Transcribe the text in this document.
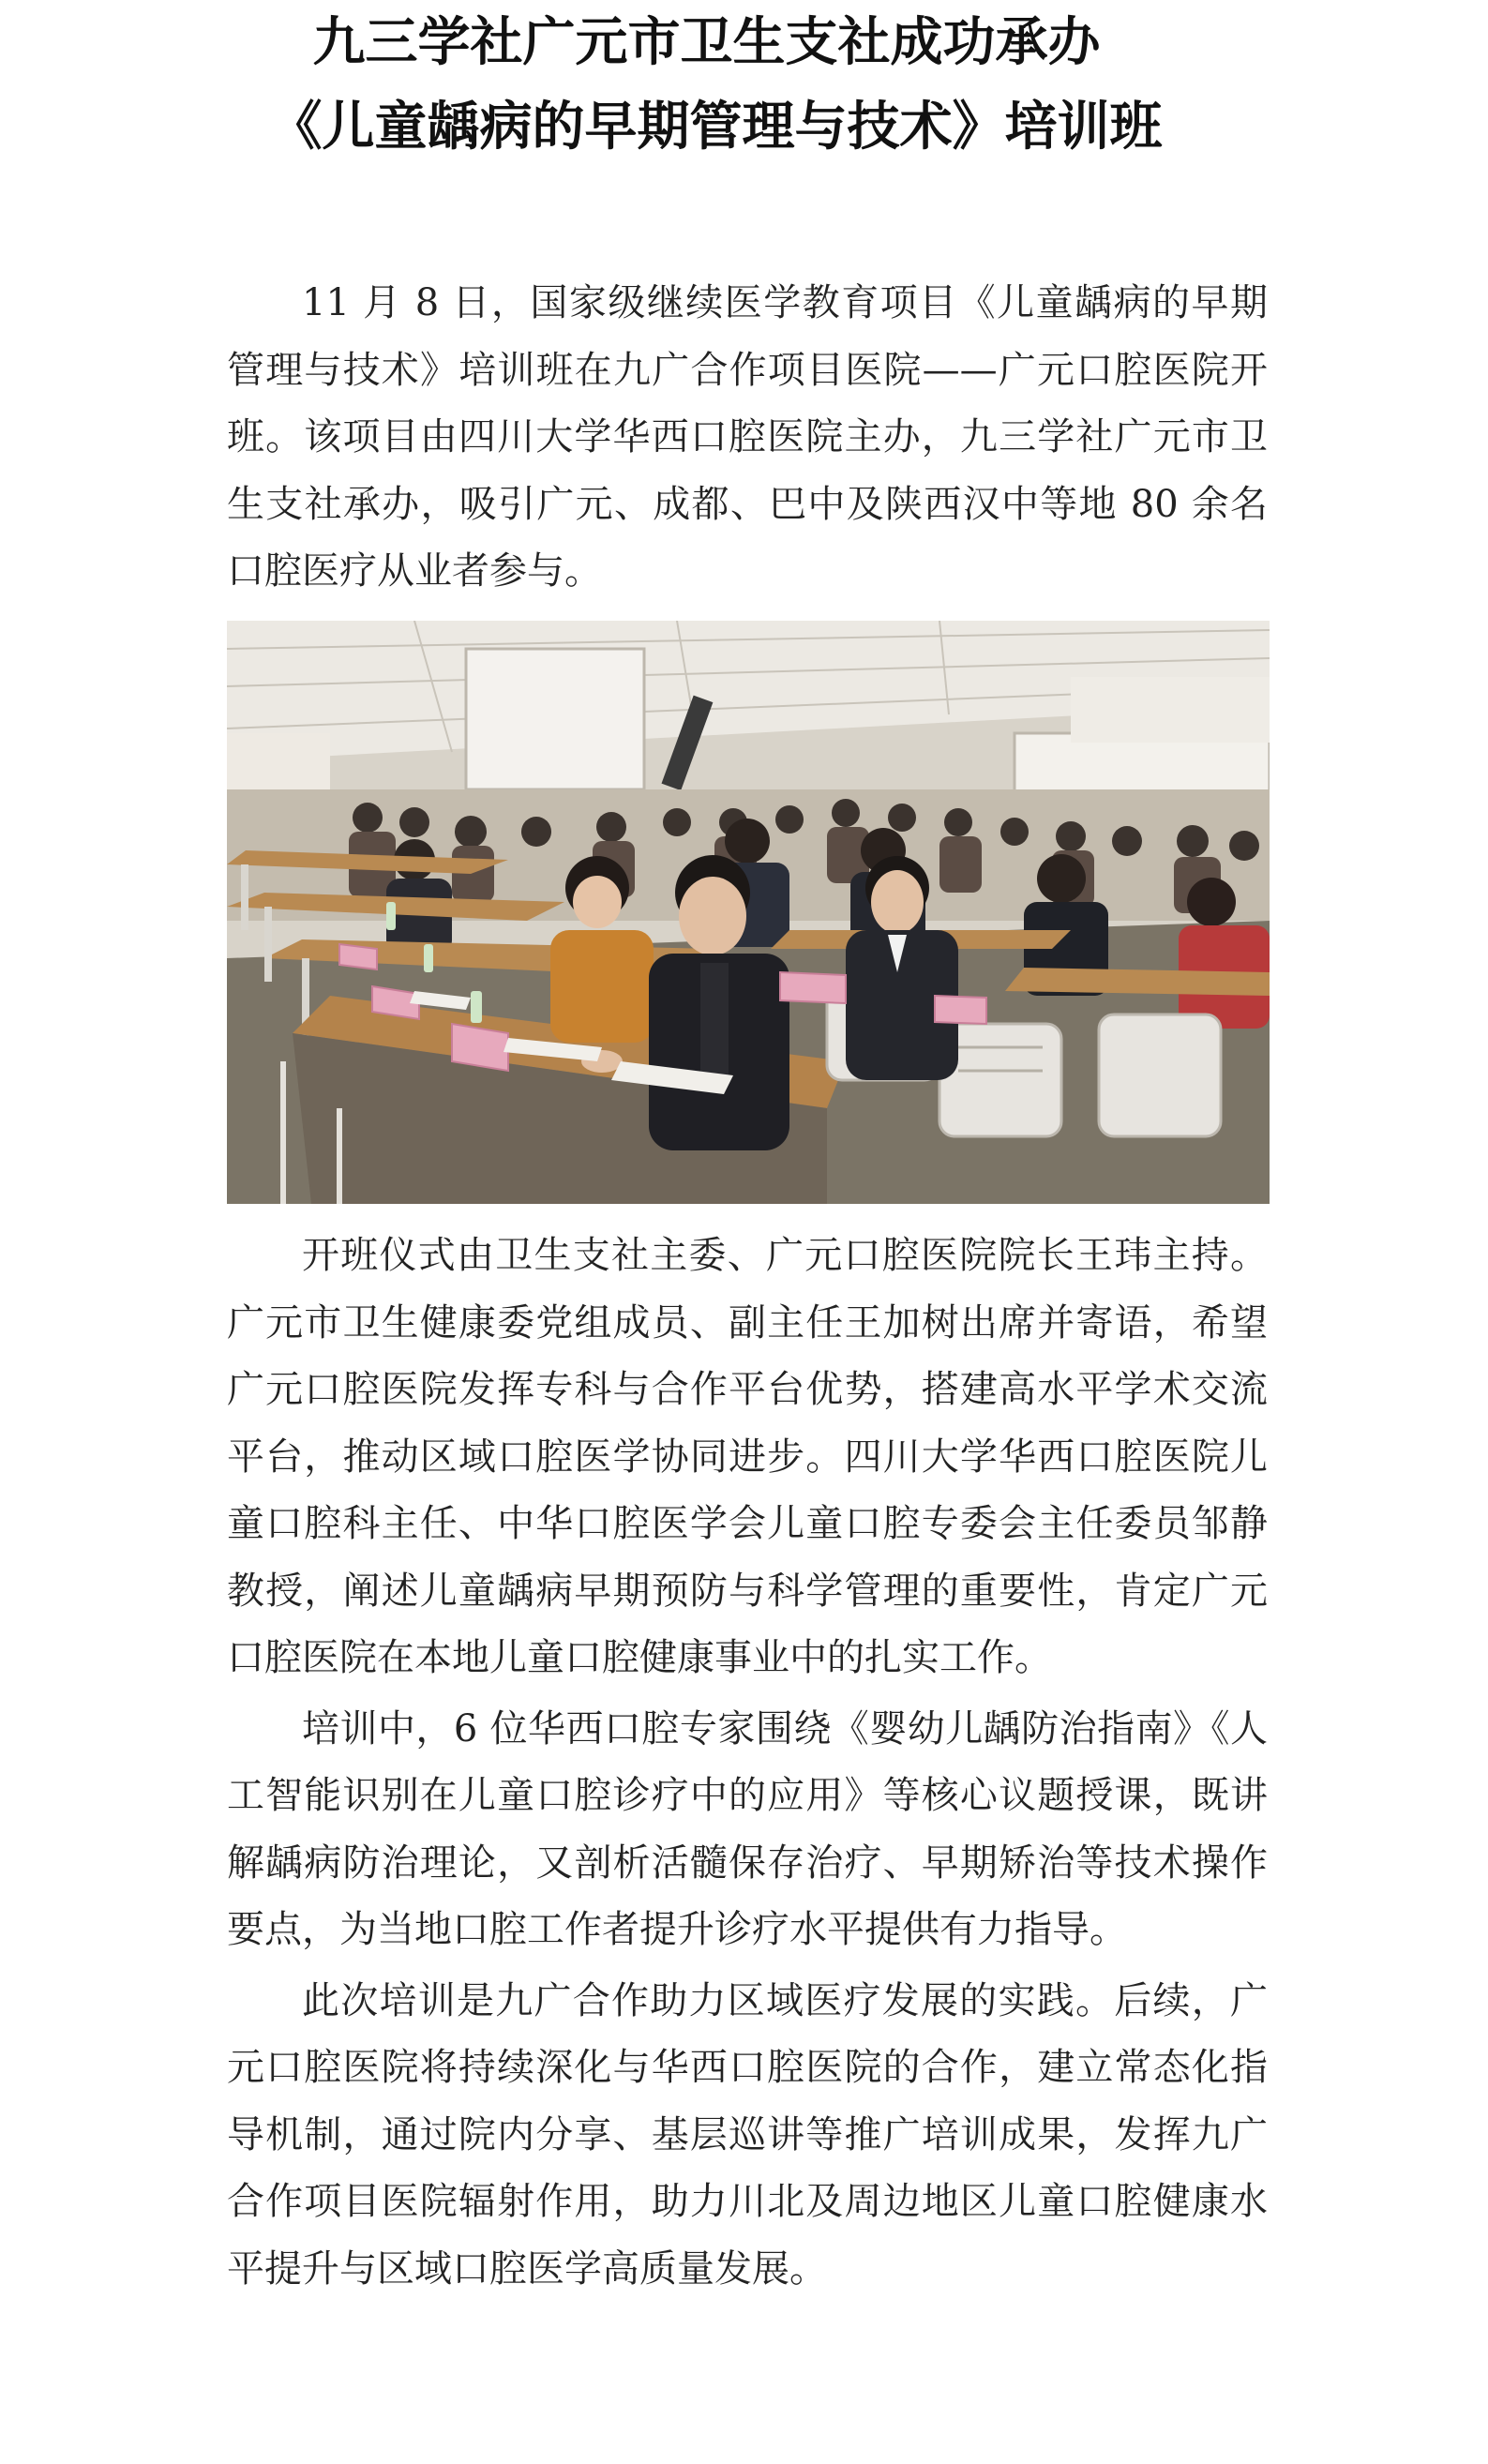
九三学社广元市卫生支社成功承办
《儿童龋病的早期管理与技术》培训班

11 月 8 日，国家级继续医学教育项目《儿童龋病的早期管理与技术》培训班在九广合作项目医院——广元口腔医院开班。该项目由四川大学华西口腔医院主办，九三学社广元市卫生支社承办，吸引广元、成都、巴中及陕西汉中等地 80 余名口腔医疗从业者参与。

开班仪式由卫生支社主委、广元口腔医院院长王玮主持。广元市卫生健康委党组成员、副主任王加树出席并寄语，希望广元口腔医院发挥专科与合作平台优势，搭建高水平学术交流平台，推动区域口腔医学协同进步。四川大学华西口腔医院儿童口腔科主任、中华口腔医学会儿童口腔专委会主任委员邹静教授，阐述儿童龋病早期预防与科学管理的重要性，肯定广元口腔医院在本地儿童口腔健康事业中的扎实工作。

培训中，6 位华西口腔专家围绕《婴幼儿龋防治指南》《人工智能识别在儿童口腔诊疗中的应用》等核心议题授课，既讲解龋病防治理论，又剖析活髓保存治疗、早期矫治等技术操作要点，为当地口腔工作者提升诊疗水平提供有力指导。

此次培训是九广合作助力区域医疗发展的实践。后续，广元口腔医院将持续深化与华西口腔医院的合作，建立常态化指导机制，通过院内分享、基层巡讲等推广培训成果，发挥九广合作项目医院辐射作用，助力川北及周边地区儿童口腔健康水平提升与区域口腔医学高质量发展。
